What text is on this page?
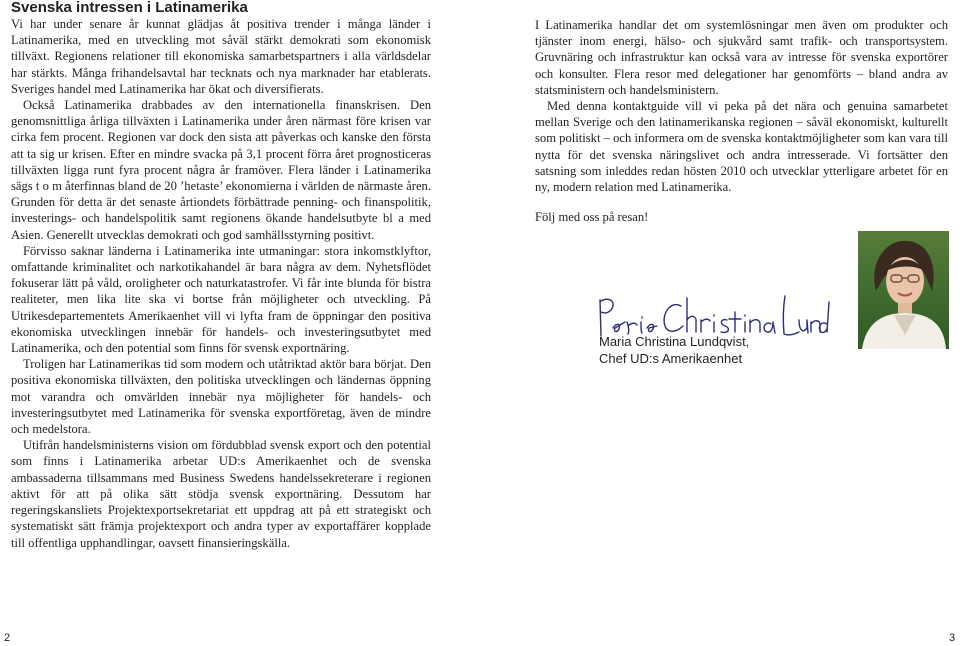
Svenska intressen i Latinamerika

Vi har under senare år kunnat glädjas åt positiva trender i många länder i Latinamerika, med en utveckling mot såväl stärkt demokrati som ekonomisk tillväxt. Regionens relationer till ekonomiska samarbetspartners i alla världsdelar har stärkts. Många frihandelsavtal har tecknats och nya marknader har etablerats. Sveriges handel med Latinamerika har ökat och diversifierats.

Också Latinamerika drabbades av den internationella finanskrisen. Den genomsnittliga årliga tillväxten i Latinamerika under åren närmast före krisen var cirka fem procent. Regionen var dock den sista att påverkas och kanske den första att ta sig ur krisen. Efter en mindre svacka på 3,1 procent förra året prognosticeras tillväxten ligga runt fyra procent några år framöver. Flera länder i Latinamerika sägs t o m återfinnas bland de 20 ’hetaste’ ekonomierna i världen de närmaste åren. Grunden för detta är det senaste årtiondets förbättrade penning- och finanspolitik, investerings- och handelspolitik samt regionens ökande handelsutbyte bl a med Asien. Generellt utvecklas demokrati och god samhällsstyrning positivt.

Förvisso saknar länderna i Latinamerika inte utmaningar: stora inkomstklyftor, omfattande kriminalitet och narkotikahandel är bara några av dem. Nyhetsflödet fokuserar lätt på våld, oroligheter och naturkatastrofer. Vi får inte blunda för bistra realiteter, men lika lite ska vi bortse från möjligheter och utveckling. På Utrikesdepartementets Amerikaenhet vill vi lyfta fram de öppningar den positiva ekonomiska utvecklingen innebär för handels- och investeringsutbytet med Latinamerika, och den potential som finns för svensk exportnäring.

Troligen har Latinamerikas tid som modern och utåtriktad aktör bara börjat. Den positiva ekonomiska tillväxten, den politiska utvecklingen och ländernas öppning mot varandra och omvärlden innebär nya möjligheter för handels- och investeringsutbytet med Latinamerika för svenska exportföretag, även de mindre och medelstora.

Utifrån handelsministerns vision om fördubblad svensk export och den potential som finns i Latinamerika arbetar UD:s Amerikaenhet och de svenska ambassaderna tillsammans med Business Swedens handelssekreterare i regionen aktivt för att på olika sätt stödja svensk exportnäring. Dessutom har regeringskansliets Projektexportsekretariat ett uppdrag att på ett strategiskt och systematiskt sätt främja projektexport och andra typer av exportaffärer kopplade till offentliga upphandlingar, oavsett finansieringskälla.

2

I Latinamerika handlar det om systemlösningar men även om produkter och tjänster inom energi, hälso- och sjukvård samt trafik- och transportsystem. Gruvnäring och infrastruktur kan också vara av intresse för svenska exportörer och konsulter. Flera resor med delegationer har genomförts – bland andra av statsministern och handelsministern.

Med denna kontaktguide vill vi peka på det nära och genuina samarbetet mellan Sverige och den latinamerikanska regionen – såväl ekonomiskt, kulturellt som politiskt – och informera om de svenska kontaktmöjligheter som kan vara till nytta för det svenska näringslivet och andra intresserade. Vi fortsätter den satsning som inleddes redan hösten 2010 och utvecklar ytterligare arbetet för en ny, modern relation med Latinamerika.

Följ med oss på resan!

Maria Christina Lundqvist,
Chef UD:s Amerikaenhet
3
